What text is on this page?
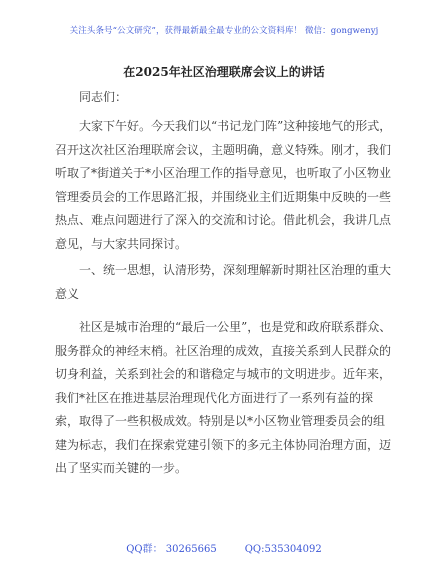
关注头条号“公文研究”，获得最新最全最专业的公文资料库！ 微信：gongwenyj
在2025年社区治理联席会议上的讲话
同志们：

大家下午好。今天我们以“书记龙门阵”这种接地气的形式，召开这次社区治理联席会议，主题明确，意义特殊。刚才，我们听取了*街道关于*小区治理工作的指导意见，也听取了小区物业管理委员会的工作思路汇报，并围绕业主们近期集中反映的一些热点、难点问题进行了深入的交流和讨论。借此机会，我讲几点意见，与大家共同探讨。

一、统一思想，认清形势，深刻理解新时期社区治理的重大意义

社区是城市治理的“最后一公里”，也是党和政府联系群众、服务群众的神经末梢。社区治理的成效，直接关系到人民群众的切身利益，关系到社会的和谐稳定与城市的文明进步。近年来，我们*社区在推进基层治理现代化方面进行了一系列有益的探索，取得了一些积极成效。特别是以*小区物业管理委员会的组建为标志，我们在探索党建引领下的多元主体协同治理方面，迈出了坚实而关键的一步。

QQ群： 30265665	QQ:535304092
